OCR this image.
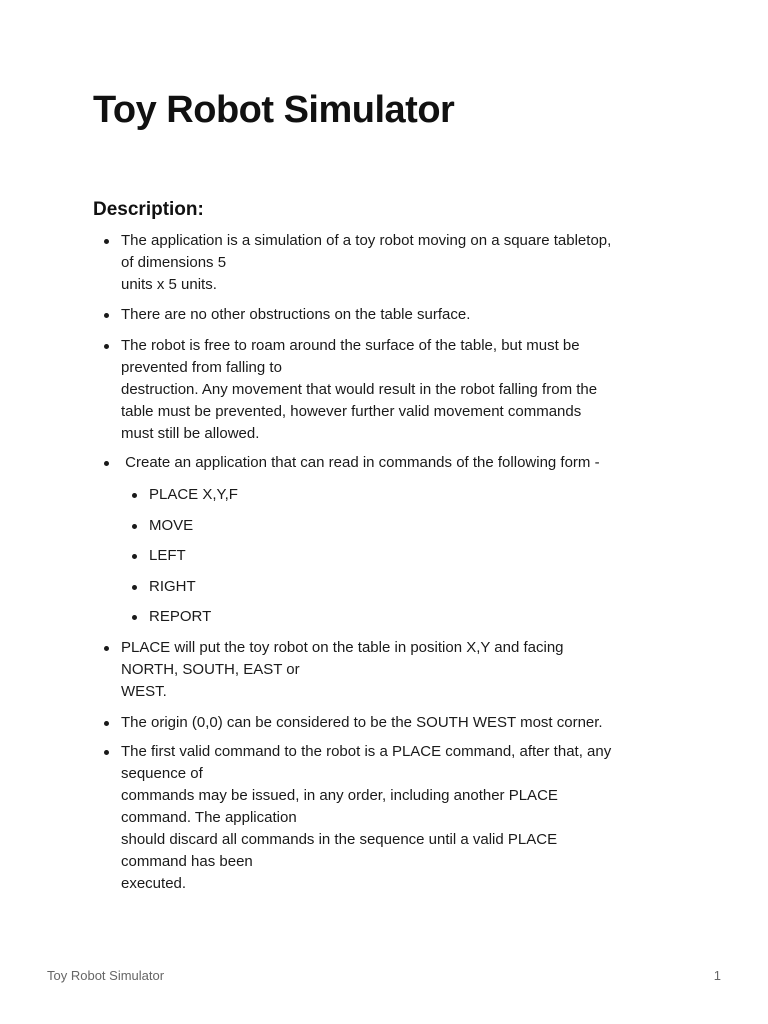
Toy Robot Simulator
Description:
The application is a simulation of a toy robot moving on a square tabletop,
of dimensions 5
units x 5 units.
There are no other obstructions on the table surface.
The robot is free to roam around the surface of the table, but must be
prevented from falling to
destruction. Any movement that would result in the robot falling from the
table must be prevented, however further valid movement commands
must still be allowed.
Create an application that can read in commands of the following form -
PLACE X,Y,F
MOVE
LEFT
RIGHT
REPORT
PLACE will put the toy robot on the table in position X,Y and facing
NORTH, SOUTH, EAST or
WEST.
The origin (0,0) can be considered to be the SOUTH WEST most corner.
The first valid command to the robot is a PLACE command, after that, any
sequence of
commands may be issued, in any order, including another PLACE
command. The application
should discard all commands in the sequence until a valid PLACE
command has been
executed.
Toy Robot Simulator	1
